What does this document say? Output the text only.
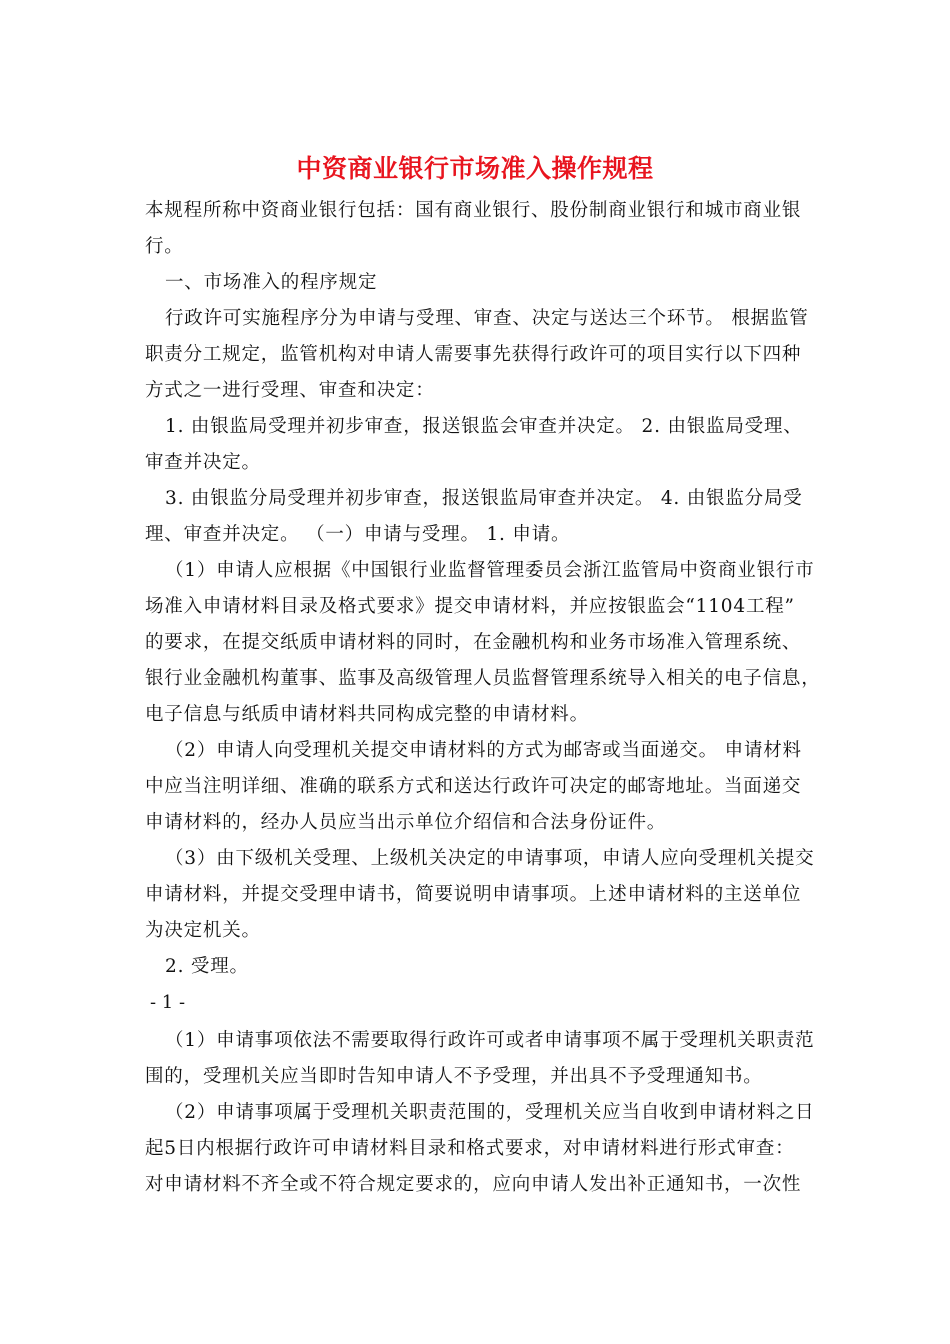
中资商业银行市场准入操作规程
本规程所称中资商业银行包括：国有商业银行、股份制商业银行和城市商业银
行。
一、市场准入的程序规定
行政许可实施程序分为申请与受理、审查、决定与送达三个环节。 根据监管
职责分工规定，监管机构对申请人需要事先获得行政许可的项目实行以下四种
方式之一进行受理、审查和决定：
1. 由银监局受理并初步审查，报送银监会审查并决定。 2. 由银监局受理、
审查并决定。
3. 由银监分局受理并初步审查，报送银监局审查并决定。 4. 由银监分局受
理、审查并决定。 （一）申请与受理。 1. 申请。
（1）申请人应根据《中国银行业监督管理委员会浙江监管局中资商业银行市
场准入申请材料目录及格式要求》提交申请材料，并应按银监会“1104工程”
的要求，在提交纸质申请材料的同时，在金融机构和业务市场准入管理系统、
银行业金融机构董事、监事及高级管理人员监督管理系统导入相关的电子信息，
电子信息与纸质申请材料共同构成完整的申请材料。
（2）申请人向受理机关提交申请材料的方式为邮寄或当面递交。 申请材料
中应当注明详细、准确的联系方式和送达行政许可决定的邮寄地址。当面递交
申请材料的，经办人员应当出示单位介绍信和合法身份证件。
（3）由下级机关受理、上级机关决定的申请事项，申请人应向受理机关提交
申请材料，并提交受理申请书，简要说明申请事项。上述申请材料的主送单位
为决定机关。
2. 受理。
- 1 -
（1）申请事项依法不需要取得行政许可或者申请事项不属于受理机关职责范
围的，受理机关应当即时告知申请人不予受理，并出具不予受理通知书。
（2）申请事项属于受理机关职责范围的，受理机关应当自收到申请材料之日
起5日内根据行政许可申请材料目录和格式要求，对申请材料进行形式审查：
对申请材料不齐全或不符合规定要求的，应向申请人发出补正通知书，一次性
